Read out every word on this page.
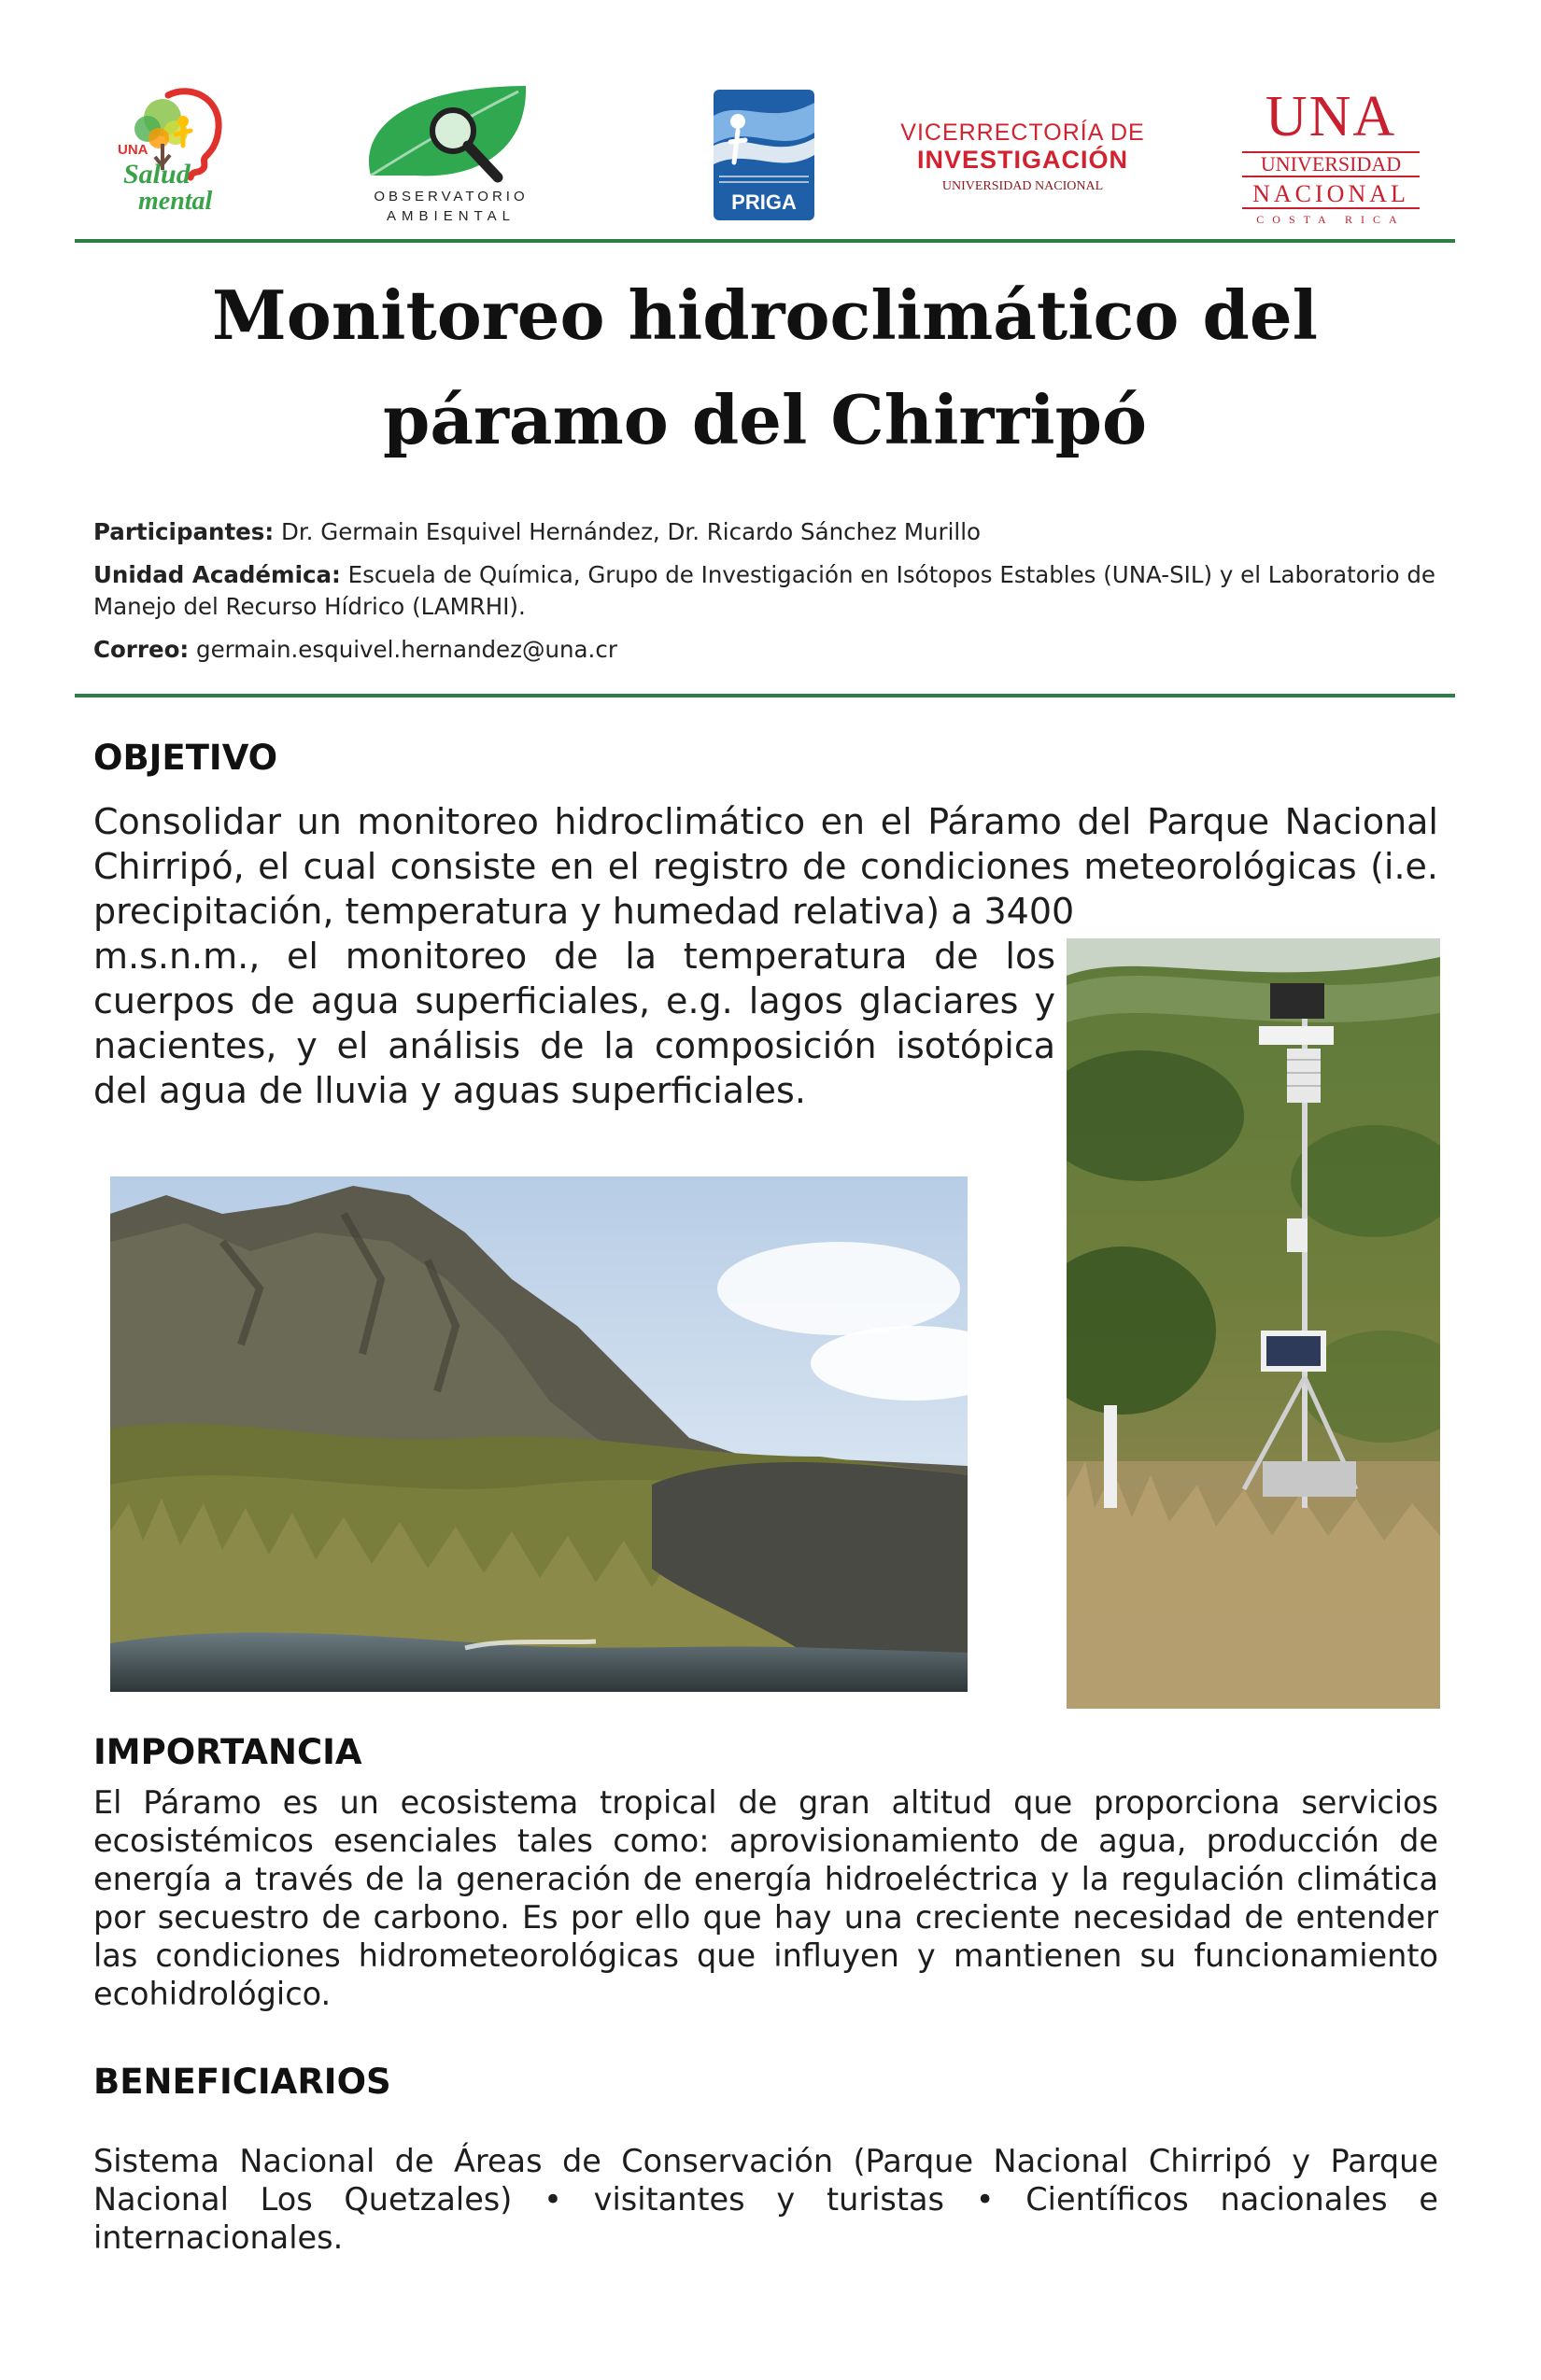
UNA
Salud
mental	OBSERVATORIO
AMBIENTAL
PRIGA
VICERRECTORÍA DE
INVESTIGACIÓN
UNIVERSIDAD NACIONAL
UNA
UNIVERSIDAD
NACIONAL
COSTA RICA
Monitoreo hidroclimático del
páramo del Chirripó
Participantes: Dr. Germain Esquivel Hernández, Dr. Ricardo Sánchez Murillo
Unidad Académica: Escuela de Química, Grupo de Investigación en Isótopos Estables (UNA-SIL) y el Laboratorio de Manejo del Recurso Hídrico (LAMRHI).
Correo: germain.esquivel.hernandez@una.cr
OBJETIVO

Consolidar un monitoreo hidroclimático en el Páramo del Parque Nacional Chirripó, el cual consiste en el registro de condiciones meteorológicas (i.e. precipitación, temperatura y humedad relativa) a 3400

m.s.n.m., el monitoreo de la temperatura de los cuerpos de agua superficiales, e.g. lagos glaciares y nacientes, y el análisis de la composición isotópica del agua de lluvia y aguas superficiales.

IMPORTANCIA

El Páramo es un ecosistema tropical de gran altitud que proporciona servicios ecosistémicos esenciales tales como: aprovisionamiento de agua, producción de energía a través de la generación de energía hidroeléctrica y la regulación climática por secuestro de carbono. Es por ello que hay una creciente necesidad de entender las condiciones hidrometeorológicas que influyen y mantienen su funcionamiento ecohidrológico.

BENEFICIARIOS

Sistema Nacional de Áreas de Conservación (Parque Nacional Chirripó y Parque Nacional Los Quetzales) • visitantes y turistas • Científicos nacionales e internacionales.
